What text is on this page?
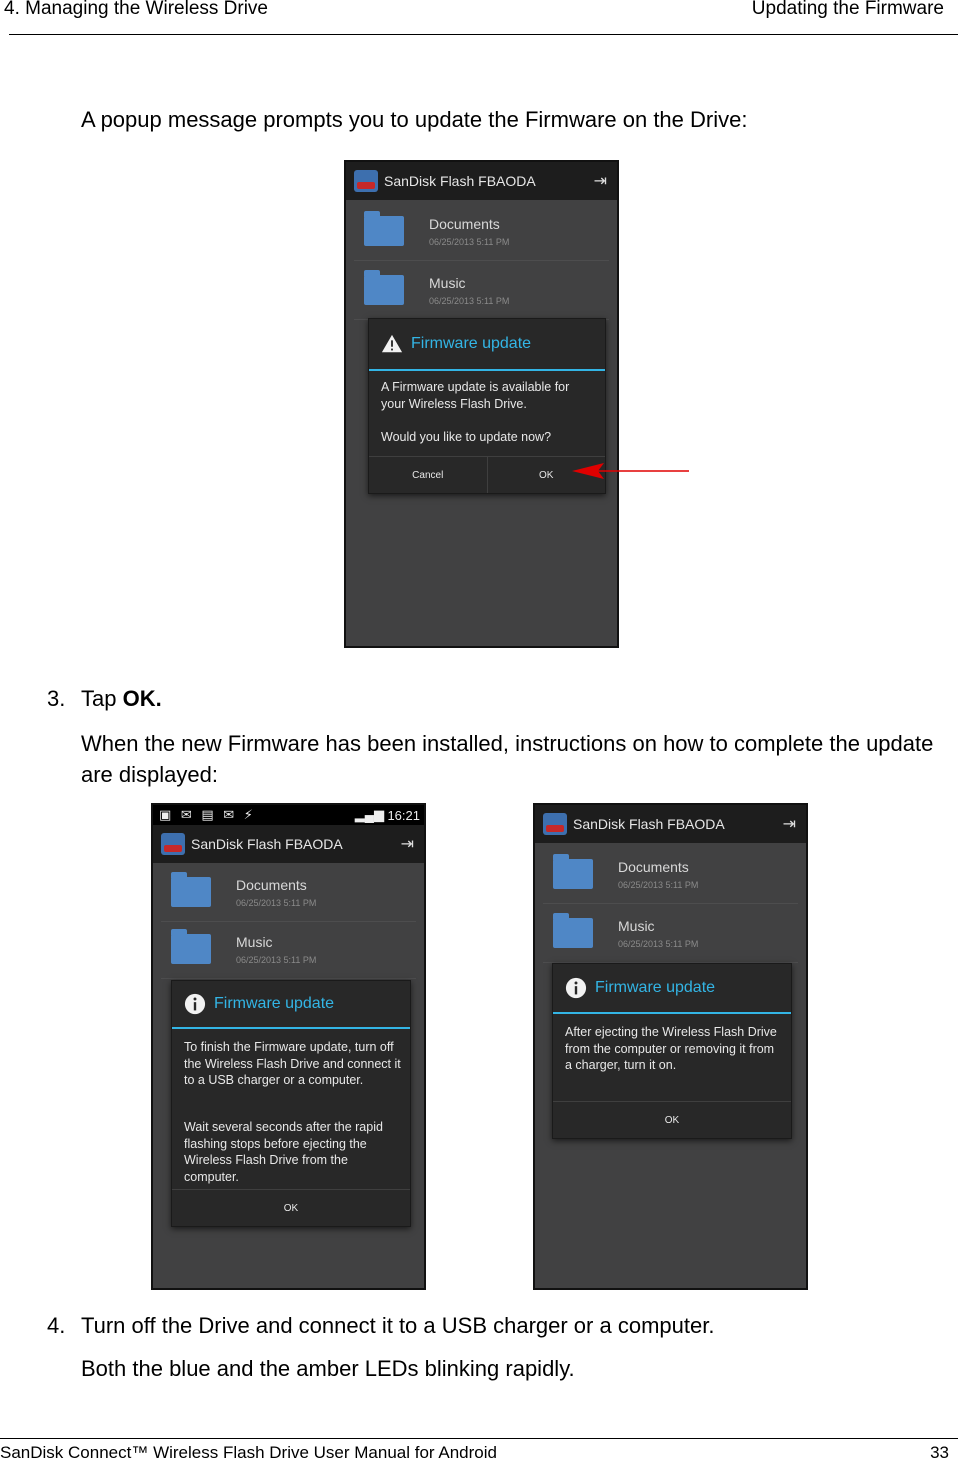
4. Managing the Wireless Drive	Updating the Firmware
A popup message prompts you to update the Firmware on the Drive:
SanDisk Flash FBAODA	⇥
Documents
06/25/2013 5:11 PM
Music
06/25/2013 5:11 PM
Firmware update
A Firmware update is available for your Wireless Flash Drive.
Would you like to update now?
Cancel	OK
3. Tap OK.
When the new Firmware has been installed, instructions on how to complete the update are displayed:
▣ ✉ ▤ ✉ ⚡	▂▄▆ 16:21
SanDisk Flash FBAODA	⇥
Documents
06/25/2013 5:11 PM
Music
06/25/2013 5:11 PM
Firmware update
To finish the Firmware update, turn off the Wireless Flash Drive and connect it to a USB charger or a computer.
Wait several seconds after the rapid flashing stops before ejecting the Wireless Flash Drive from the computer.
OK
SanDisk Flash FBAODA	⇥
Documents
06/25/2013 5:11 PM
Music
06/25/2013 5:11 PM
Firmware update
After ejecting the Wireless Flash Drive from the computer or removing it from a charger, turn it on.
OK
4. Turn off the Drive and connect it to a USB charger or a computer.
Both the blue and the amber LEDs blinking rapidly.
SanDisk Connect™ Wireless Flash Drive User Manual for Android	33
